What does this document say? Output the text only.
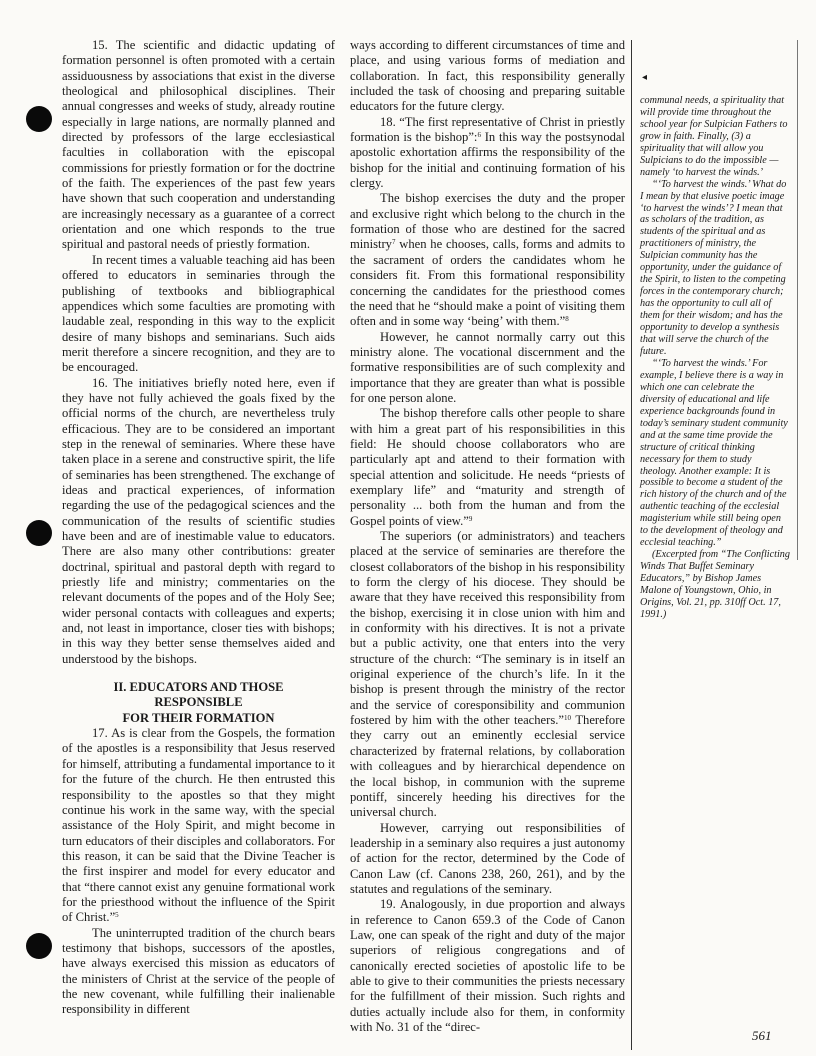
15. The scientific and didactic updating of formation personnel is often promoted with a certain assiduousness by associations that exist in the diverse theological and philosophical disciplines. Their annual congresses and weeks of study, already routine especially in large nations, are normally planned and directed by professors of the large ecclesiastical faculties in collaboration with the episcopal commissions for priestly formation or for the doctrine of the faith. The experiences of the past few years have shown that such cooperation and understanding are increasingly necessary as a guarantee of a correct orientation and one which responds to the true spiritual and pastoral needs of priestly formation.

In recent times a valuable teaching aid has been offered to educators in seminaries through the publishing of textbooks and bibliographical appendices which some faculties are promoting with laudable zeal, responding in this way to the explicit desire of many bishops and seminarians. Such aids merit therefore a sincere recognition, and they are to be encouraged.

16. The initiatives briefly noted here, even if they have not fully achieved the goals fixed by the official norms of the church, are nevertheless truly efficacious. They are to be considered an important step in the renewal of seminaries. Where these have taken place in a serene and constructive spirit, the life of seminaries has been strengthened. The exchange of ideas and practical experiences, of information regarding the use of the pedagogical sciences and the communication of the results of scientific studies have been and are of inestimable value to educators. There are also many other contributions: greater doctrinal, spiritual and pastoral depth with regard to priestly life and ministry; commentaries on the relevant documents of the popes and of the Holy See; wider personal contacts with colleagues and experts; and, not least in importance, closer ties with bishops; in this way they better sense themselves aided and understood by the bishops.

II. EDUCATORS AND THOSE
RESPONSIBLE
FOR THEIR FORMATION

17. As is clear from the Gospels, the formation of the apostles is a responsibility that Jesus reserved for himself, attributing a fundamental importance to it for the future of the church. He then entrusted this responsibility to the apostles so that they might continue his work in the same way, with the special assistance of the Holy Spirit, and might become in turn educators of their disciples and collaborators. For this reason, it can be said that the Divine Teacher is the first inspirer and model for every educator and that “there cannot exist any genuine formational work for the priesthood without the influence of the Spirit of Christ.”$^5$

The uninterrupted tradition of the church bears testimony that bishops, successors of the apostles, have always exercised this mission as educators of the ministers of Christ at the service of the people of the new covenant, while fulfilling their inalienable responsibility in different

ways according to different circumstances of time and place, and using various forms of mediation and collaboration. In fact, this responsibility generally included the task of choosing and preparing suitable educators for the future clergy.

18. “The first representative of Christ in priestly formation is the bishop”:$^6$ In this way the postsynodal apostolic exhortation affirms the responsibility of the bishop for the initial and continuing formation of his clergy.

The bishop exercises the duty and the proper and exclusive right which belong to the church in the formation of those who are destined for the sacred ministry$^7$ when he chooses, calls, forms and admits to the sacrament of orders the candidates whom he considers fit. From this formational responsibility concerning the candidates for the priesthood comes the need that he “should make a point of visiting them often and in some way ‘being’ with them.”$^8$

However, he cannot normally carry out this ministry alone. The vocational discernment and the formative responsibilities are of such complexity and importance that they are greater than what is possible for one person alone.

The bishop therefore calls other people to share with him a great part of his responsibilities in this field: He should choose collaborators who are particularly apt and attend to their formation with special attention and solicitude. He needs “priests of exemplary life” and “maturity and strength of personality ... both from the human and from the Gospel points of view.”$^9$

The superiors (or administrators) and teachers placed at the service of seminaries are therefore the closest collaborators of the bishop in his responsibility to form the clergy of his diocese. They should be aware that they have received this responsibility from the bishop, exercising it in close union with him and in conformity with his directives. It is not a private but a public activity, one that enters into the very structure of the church: “The seminary is in itself an original experience of the church’s life. In it the bishop is present through the ministry of the rector and the service of coresponsibility and communion fostered by him with the other teachers.”$^{10}$ Therefore they carry out an eminently ecclesial service characterized by fraternal relations, by collaboration with colleagues and by hierarchical dependence on the local bishop, in communion with the supreme pontiff, sincerely heeding his directives for the universal church.

However, carrying out responsibilities of leadership in a seminary also requires a just autonomy of action for the rector, determined by the Code of Canon Law (cf. Canons 238, 260, 261), and by the statutes and regulations of the seminary.

19. Analogously, in due proportion and always in reference to Canon 659.3 of the Code of Canon Law, one can speak of the right and duty of the major superiors of religious congregations and of canonically erected societies of apostolic life to be able to give to their communities the priests necessary for the fulfillment of their mission. Such rights and duties actually include also for them, in conformity with No. 31 of the “direc-

◂

communal needs, a spirituality that will provide time throughout the school year for Sulpician Fathers to grow in faith. Finally, (3) a spirituality that will allow you Sulpicians to do the impossible — namely ‘to harvest the winds.’

“‘To harvest the winds.’ What do I mean by that elusive poetic image ‘to harvest the winds’? I mean that as scholars of the tradition, as students of the spiritual and as practitioners of ministry, the Sulpician community has the opportunity, under the guidance of the Spirit, to listen to the competing forces in the contemporary church; has the opportunity to cull all of them for their wisdom; and has the opportunity to develop a synthesis that will serve the church of the future.

“‘To harvest the winds.’ For example, I believe there is a way in which one can celebrate the diversity of educational and life experience backgrounds found in today’s seminary student community and at the same time provide the structure of critical thinking necessary for them to study theology. Another example: It is possible to become a student of the rich history of the church and of the authentic teaching of the ecclesial magisterium while still being open to the development of theology and ecclesial teaching.”

(Excerpted from “The Conflicting Winds That Buffet Seminary Educators,” by Bishop James Malone of Youngstown, Ohio, in Origins, Vol. 21, pp. 310ff Oct. 17, 1991.)

561
